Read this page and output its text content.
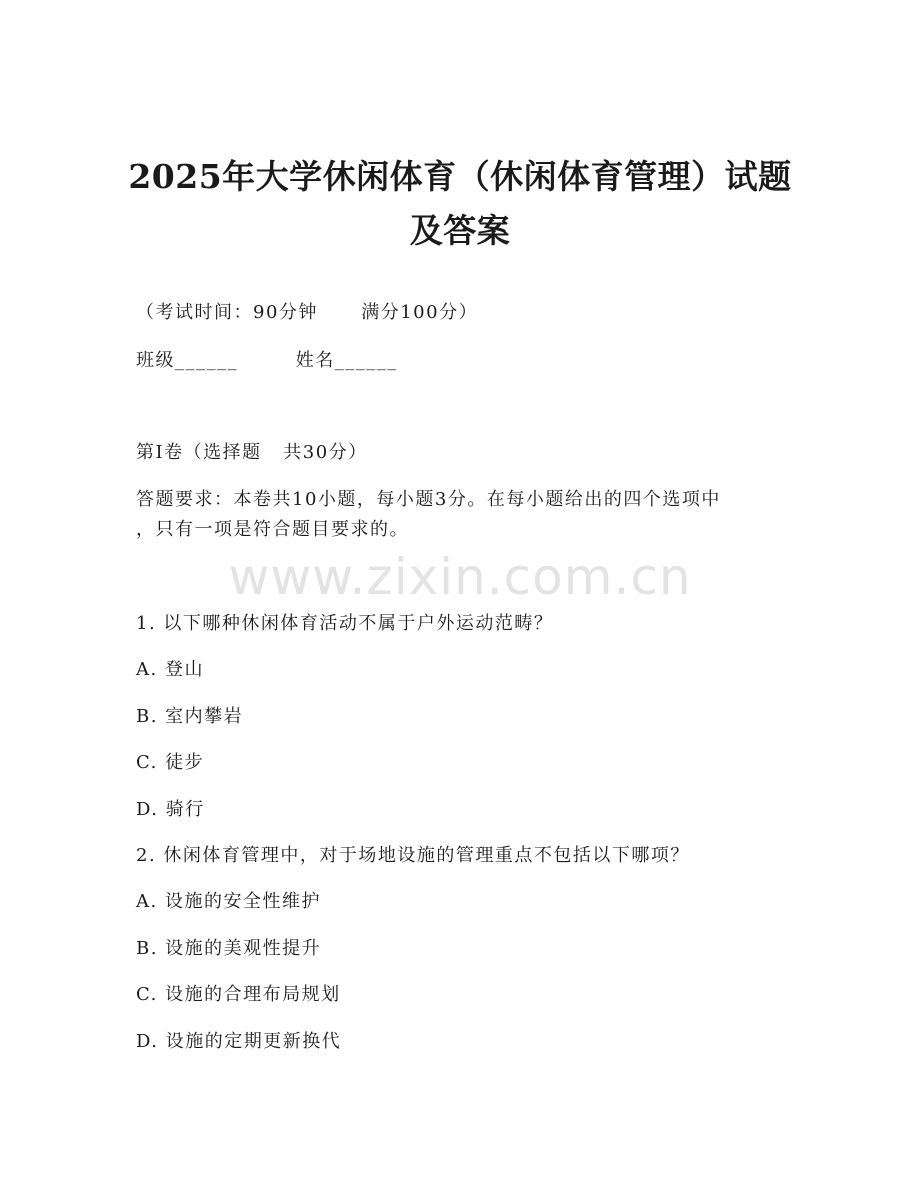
2025年大学休闲体育（休闲体育管理）试题
及答案
（考试时间：90分钟      满分100分）
班级______        姓名______
第I卷（选择题   共30分）
答题要求：本卷共10小题，每小题3分。在每小题给出的四个选项中
，只有一项是符合题目要求的。
www.zixin.com.cn
1. 以下哪种休闲体育活动不属于户外运动范畴？
A. 登山
B. 室内攀岩
C. 徒步
D. 骑行
2. 休闲体育管理中，对于场地设施的管理重点不包括以下哪项？
A. 设施的安全性维护
B. 设施的美观性提升
C. 设施的合理布局规划
D. 设施的定期更新换代
